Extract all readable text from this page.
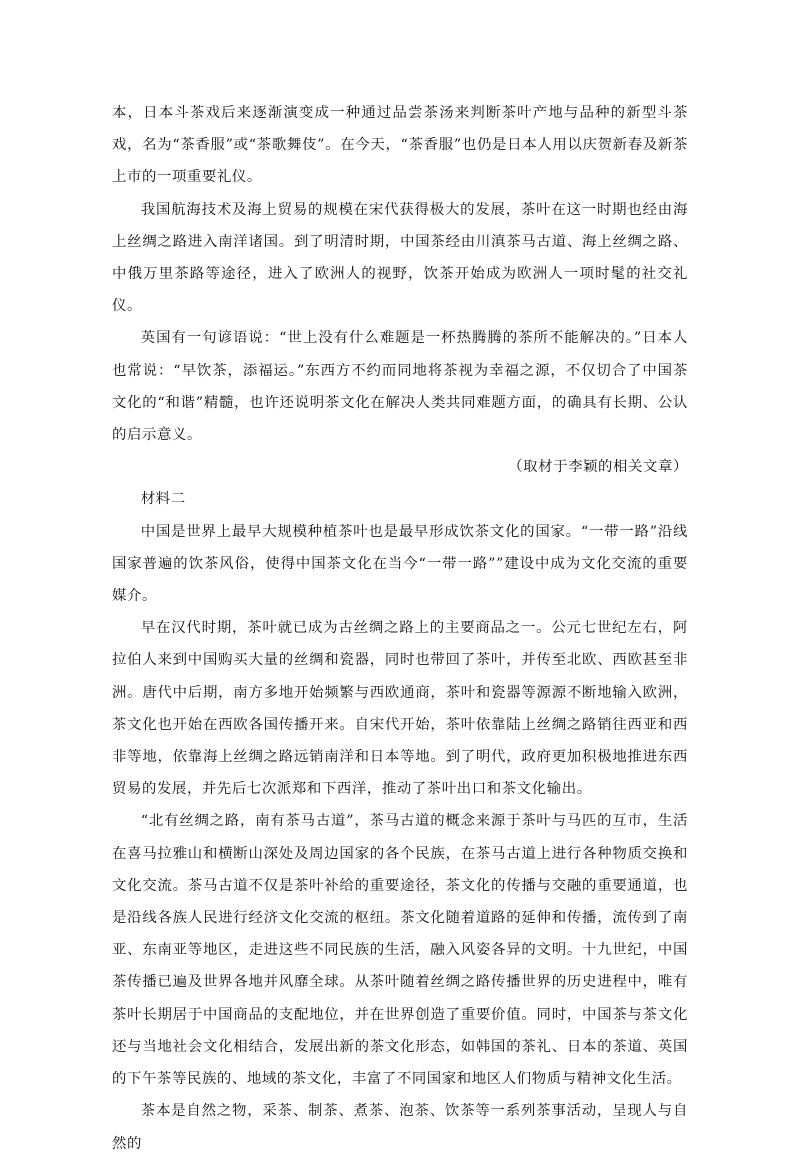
本，日本斗茶戏后来逐渐演变成一种通过品尝茶汤来判断茶叶产地与品种的新型斗茶戏，名为“茶香服”或“茶歌舞伎”。在今天，“茶香服”也仍是日本人用以庆贺新春及新茶上市的一项重要礼仪。

我国航海技术及海上贸易的规模在宋代获得极大的发展，茶叶在这一时期也经由海上丝绸之路进入南洋诸国。到了明清时期，中国茶经由川滇茶马古道、海上丝绸之路、中俄万里茶路等途径，进入了欧洲人的视野，饮茶开始成为欧洲人一项时髦的社交礼仪。

英国有一句谚语说：“世上没有什么难题是一杯热腾腾的茶所不能解决的。”日本人也常说：“早饮茶，添福运。”东西方不约而同地将茶视为幸福之源，不仅切合了中国茶文化的“和谐”精髓，也许还说明茶文化在解决人类共同难题方面，的确具有长期、公认的启示意义。

（取材于李颖的相关文章）

材料二

中国是世界上最早大规模种植茶叶也是最早形成饮茶文化的国家。“一带一路”沿线国家普遍的饮茶风俗，使得中国茶文化在当今“一带一路””建设中成为文化交流的重要媒介。

早在汉代时期，茶叶就已成为古丝绸之路上的主要商品之一。公元七世纪左右，阿拉伯人来到中国购买大量的丝绸和瓷器，同时也带回了茶叶，并传至北欧、西欧甚至非洲。唐代中后期，南方多地开始频繁与西欧通商，茶叶和瓷器等源源不断地输入欧洲，茶文化也开始在西欧各国传播开来。自宋代开始，茶叶依靠陆上丝绸之路销往西亚和西非等地，依靠海上丝绸之路远销南洋和日本等地。到了明代，政府更加积极地推进东西贸易的发展，并先后七次派郑和下西洋，推动了茶叶出口和茶文化输出。

“北有丝绸之路，南有茶马古道”，茶马古道的概念来源于茶叶与马匹的互市，生活在喜马拉雅山和横断山深处及周边国家的各个民族，在茶马古道上进行各种物质交换和文化交流。茶马古道不仅是茶叶补给的重要途径，茶文化的传播与交融的重要通道，也是沿线各族人民进行经济文化交流的枢纽。茶文化随着道路的延伸和传播，流传到了南亚、东南亚等地区，走进这些不同民族的生活，融入风姿各异的文明。十九世纪，中国茶传播已遍及世界各地并风靡全球。从茶叶随着丝绸之路传播世界的历史进程中，唯有茶叶长期居于中国商品的支配地位，并在世界创造了重要价值。同时，中国茶与茶文化还与当地社会文化相结合，发展出新的茶文化形态，如韩国的茶礼、日本的茶道、英国的下午茶等民族的、地域的茶文化，丰富了不同国家和地区人们物质与精神文化生活。

茶本是自然之物，采茶、制茶、煮茶、泡茶、饮茶等一系列茶事活动，呈现人与自然的
